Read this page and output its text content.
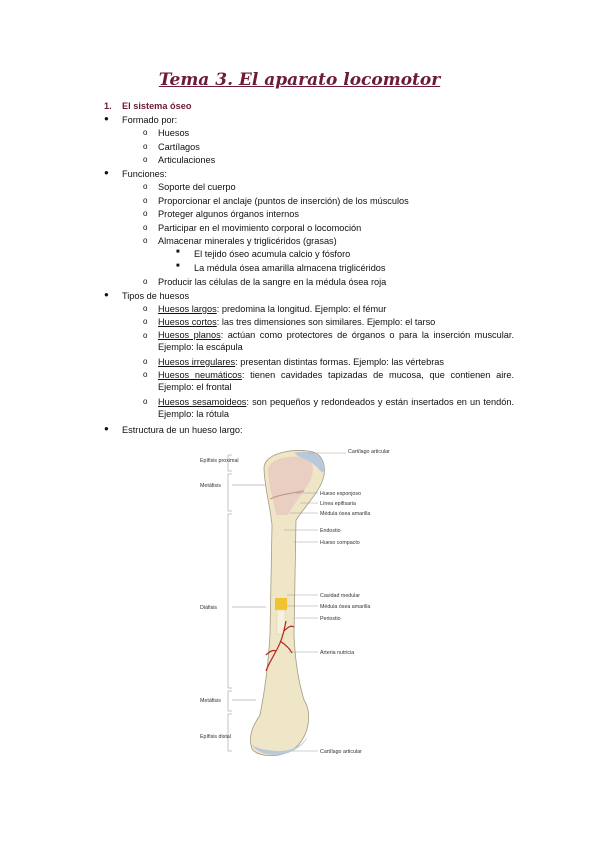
Tema 3. El aparato locomotor
1. El sistema óseo
● Formado por:
o Huesos
o Cartílagos
o Articulaciones
● Funciones:
o Soporte del cuerpo
o Proporcionar el anclaje (puntos de inserción) de los músculos
o Proteger algunos órganos internos
o Participar en el movimiento corporal o locomoción
o Almacenar minerales y triglicéridos (grasas)
■ El tejido óseo acumula calcio y fósforo
■ La médula ósea amarilla almacena triglicéridos
o Producir las células de la sangre en la médula ósea roja
● Tipos de huesos
o Huesos largos: predomina la longitud. Ejemplo: el fémur
o Huesos cortos: las tres dimensiones son similares. Ejemplo: el tarso
o Huesos planos: actúan como protectores de órganos o para la inserción muscular. Ejemplo: la escápula
o Huesos irregulares: presentan distintas formas. Ejemplo: las vértebras
o Huesos neumáticos: tienen cavidades tapizadas de mucosa, que contienen aire. Ejemplo: el frontal
o Huesos sesamoideos: son pequeños y redondeados y están insertados en un tendón. Ejemplo: la rótula
● Estructura de un hueso largo:
Epífisis proximal
Metáfisis
Diáfisis
Metáfisis
Epífisis distal
Cartílago articular
Hueso esponjoso
Línea epifisaria
Médula ósea amarilla
Endostio
Hueso compacto
Cavidad medular
Médula ósea amarilla
Periostio
Arteria nutricia
Cartílago articular
